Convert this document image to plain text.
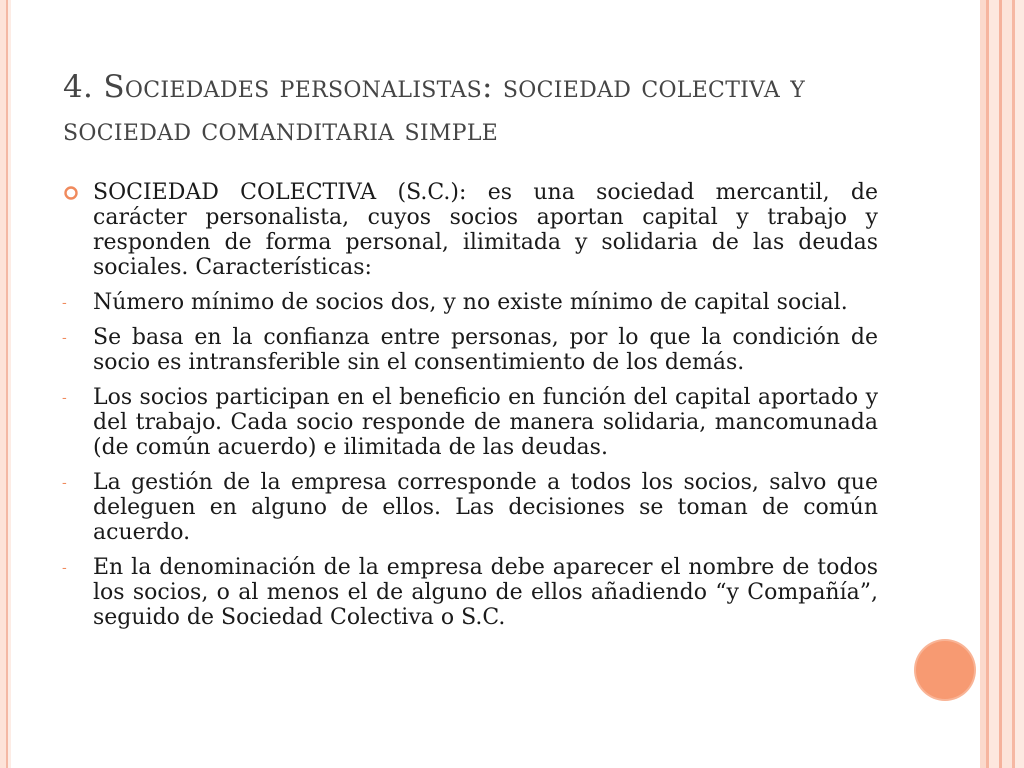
4. Sociedades personalistas: sociedad colectiva y sociedad comanditaria simple
SOCIEDAD COLECTIVA (S.C.): es una sociedad mercantil, de carácter personalista, cuyos socios aportan capital y trabajo y responden de forma personal, ilimitada y solidaria de las deudas sociales. Características:
- Número mínimo de socios dos, y no existe mínimo de capital social.
- Se basa en la confianza entre personas, por lo que la condición de socio es intransferible sin el consentimiento de los demás.
- Los socios participan en el beneficio en función del capital aportado y del trabajo. Cada socio responde de manera solidaria, mancomunada (de común acuerdo) e ilimitada de las deudas.
- La gestión de la empresa corresponde a todos los socios, salvo que deleguen en alguno de ellos. Las decisiones se toman de común acuerdo.
- En la denominación de la empresa debe aparecer el nombre de todos los socios, o al menos el de alguno de ellos añadiendo “y Compañía”, seguido de Sociedad Colectiva o S.C.
